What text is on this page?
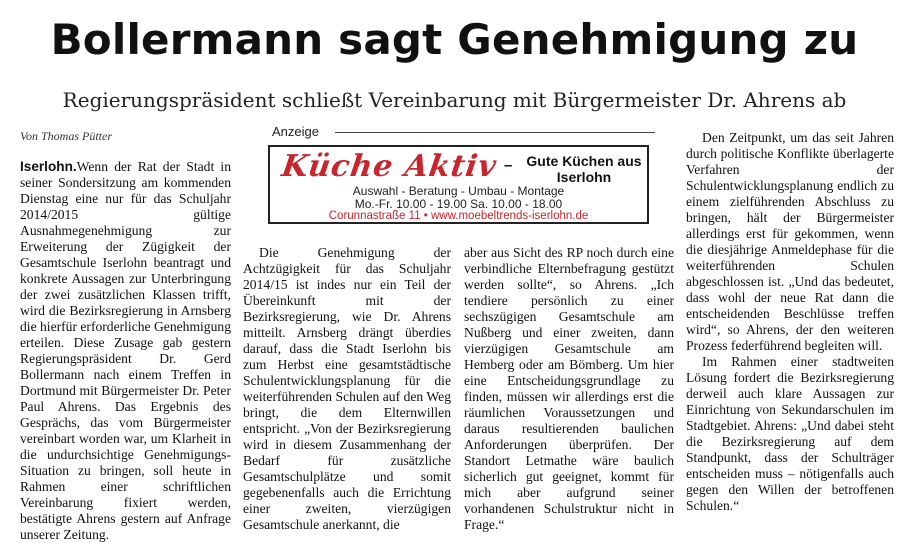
Bollermann sagt Genehmigung zu
Regierungspräsident schließt Vereinbarung mit Bürgermeister Dr. Ahrens ab
Von Thomas Pütter	Anzeige
Küche Aktiv –	Gute Küchen aus Iserlohn
Auswahl - Beratung - Umbau - Montage
Mo.-Fr. 10.00 - 19.00 Sa. 10.00 - 18.00
Corunnastraße 11 • www.moebeltrends-iserlohn.de

Iserlohn.Wenn der Rat der Stadt in seiner Sondersitzung am kommenden Dienstag eine nur für das Schuljahr 2014/2015 gültige Ausnahmegenehmigung zur Erweiterung der Zügigkeit der Gesamtschule Iserlohn beantragt und konkrete Aussagen zur Unterbringung der zwei zusätzlichen Klassen trifft, wird die Bezirksregierung in Arnsberg die hierfür erforderliche Genehmigung erteilen. Diese Zusage gab gestern Regierungspräsident Dr. Gerd Bollermann nach einem Treffen in Dortmund mit Bürgermeister Dr. Peter Paul Ahrens. Das Ergebnis des Gesprächs, das vom Bürgermeister vereinbart worden war, um Klarheit in die undurchsichtige Genehmigungs-Situation zu bringen, soll heute in Rahmen einer schriftlichen Vereinbarung fixiert werden, bestätigte Ahrens gestern auf Anfrage unserer Zeitung.

Die Genehmigung der Achtzügigkeit für das Schuljahr 2014/15 ist indes nur ein Teil der Übereinkunft mit der Bezirksregierung, wie Dr. Ahrens mitteilt. Arnsberg drängt überdies darauf, dass die Stadt Iserlohn bis zum Herbst eine gesamtstädtische Schulentwicklungsplanung für die weiterführenden Schulen auf den Weg bringt, die dem Elternwillen entspricht. „Von der Bezirksregierung wird in diesem Zusammenhang der Bedarf für zusätzliche Gesamtschulplätze und somit gegebenenfalls auch die Errichtung einer zweiten, vierzügigen Gesamtschule anerkannt, die

aber aus Sicht des RP noch durch eine verbindliche Elternbefragung gestützt werden sollte“, so Ahrens. „Ich tendiere persönlich zu einer sechszügigen Gesamtschule am Nußberg und einer zweiten, dann vierzügigen Gesamtschule am Hemberg oder am Bömberg. Um hier eine Entscheidungsgrundlage zu finden, müssen wir allerdings erst die räumlichen Voraussetzungen und daraus resultierenden baulichen Anforderungen überprüfen. Der Standort Letmathe wäre baulich sicherlich gut geeignet, kommt für mich aber aufgrund seiner vorhandenen Schulstruktur nicht in Frage.“

Den Zeitpunkt, um das seit Jahren durch politische Konflikte überlagerte Verfahren der Schulentwicklungsplanung endlich zu einem zielführenden Abschluss zu bringen, hält der Bürgermeister allerdings erst für gekommen, wenn die diesjährige Anmeldephase für die weiterführenden Schulen abgeschlossen ist. „Und das bedeutet, dass wohl der neue Rat dann die entscheidenden Beschlüsse treffen wird“, so Ahrens, der den weiteren Prozess federführend begleiten will.

Im Rahmen einer stadtweiten Lösung fordert die Bezirksregierung derweil auch klare Aussagen zur Einrichtung von Sekundarschulen im Stadtgebiet. Ahrens: „Und dabei steht die Bezirksregierung auf dem Standpunkt, dass der Schulträger entscheiden muss – nötigenfalls auch gegen den Willen der betroffenen Schulen.“
